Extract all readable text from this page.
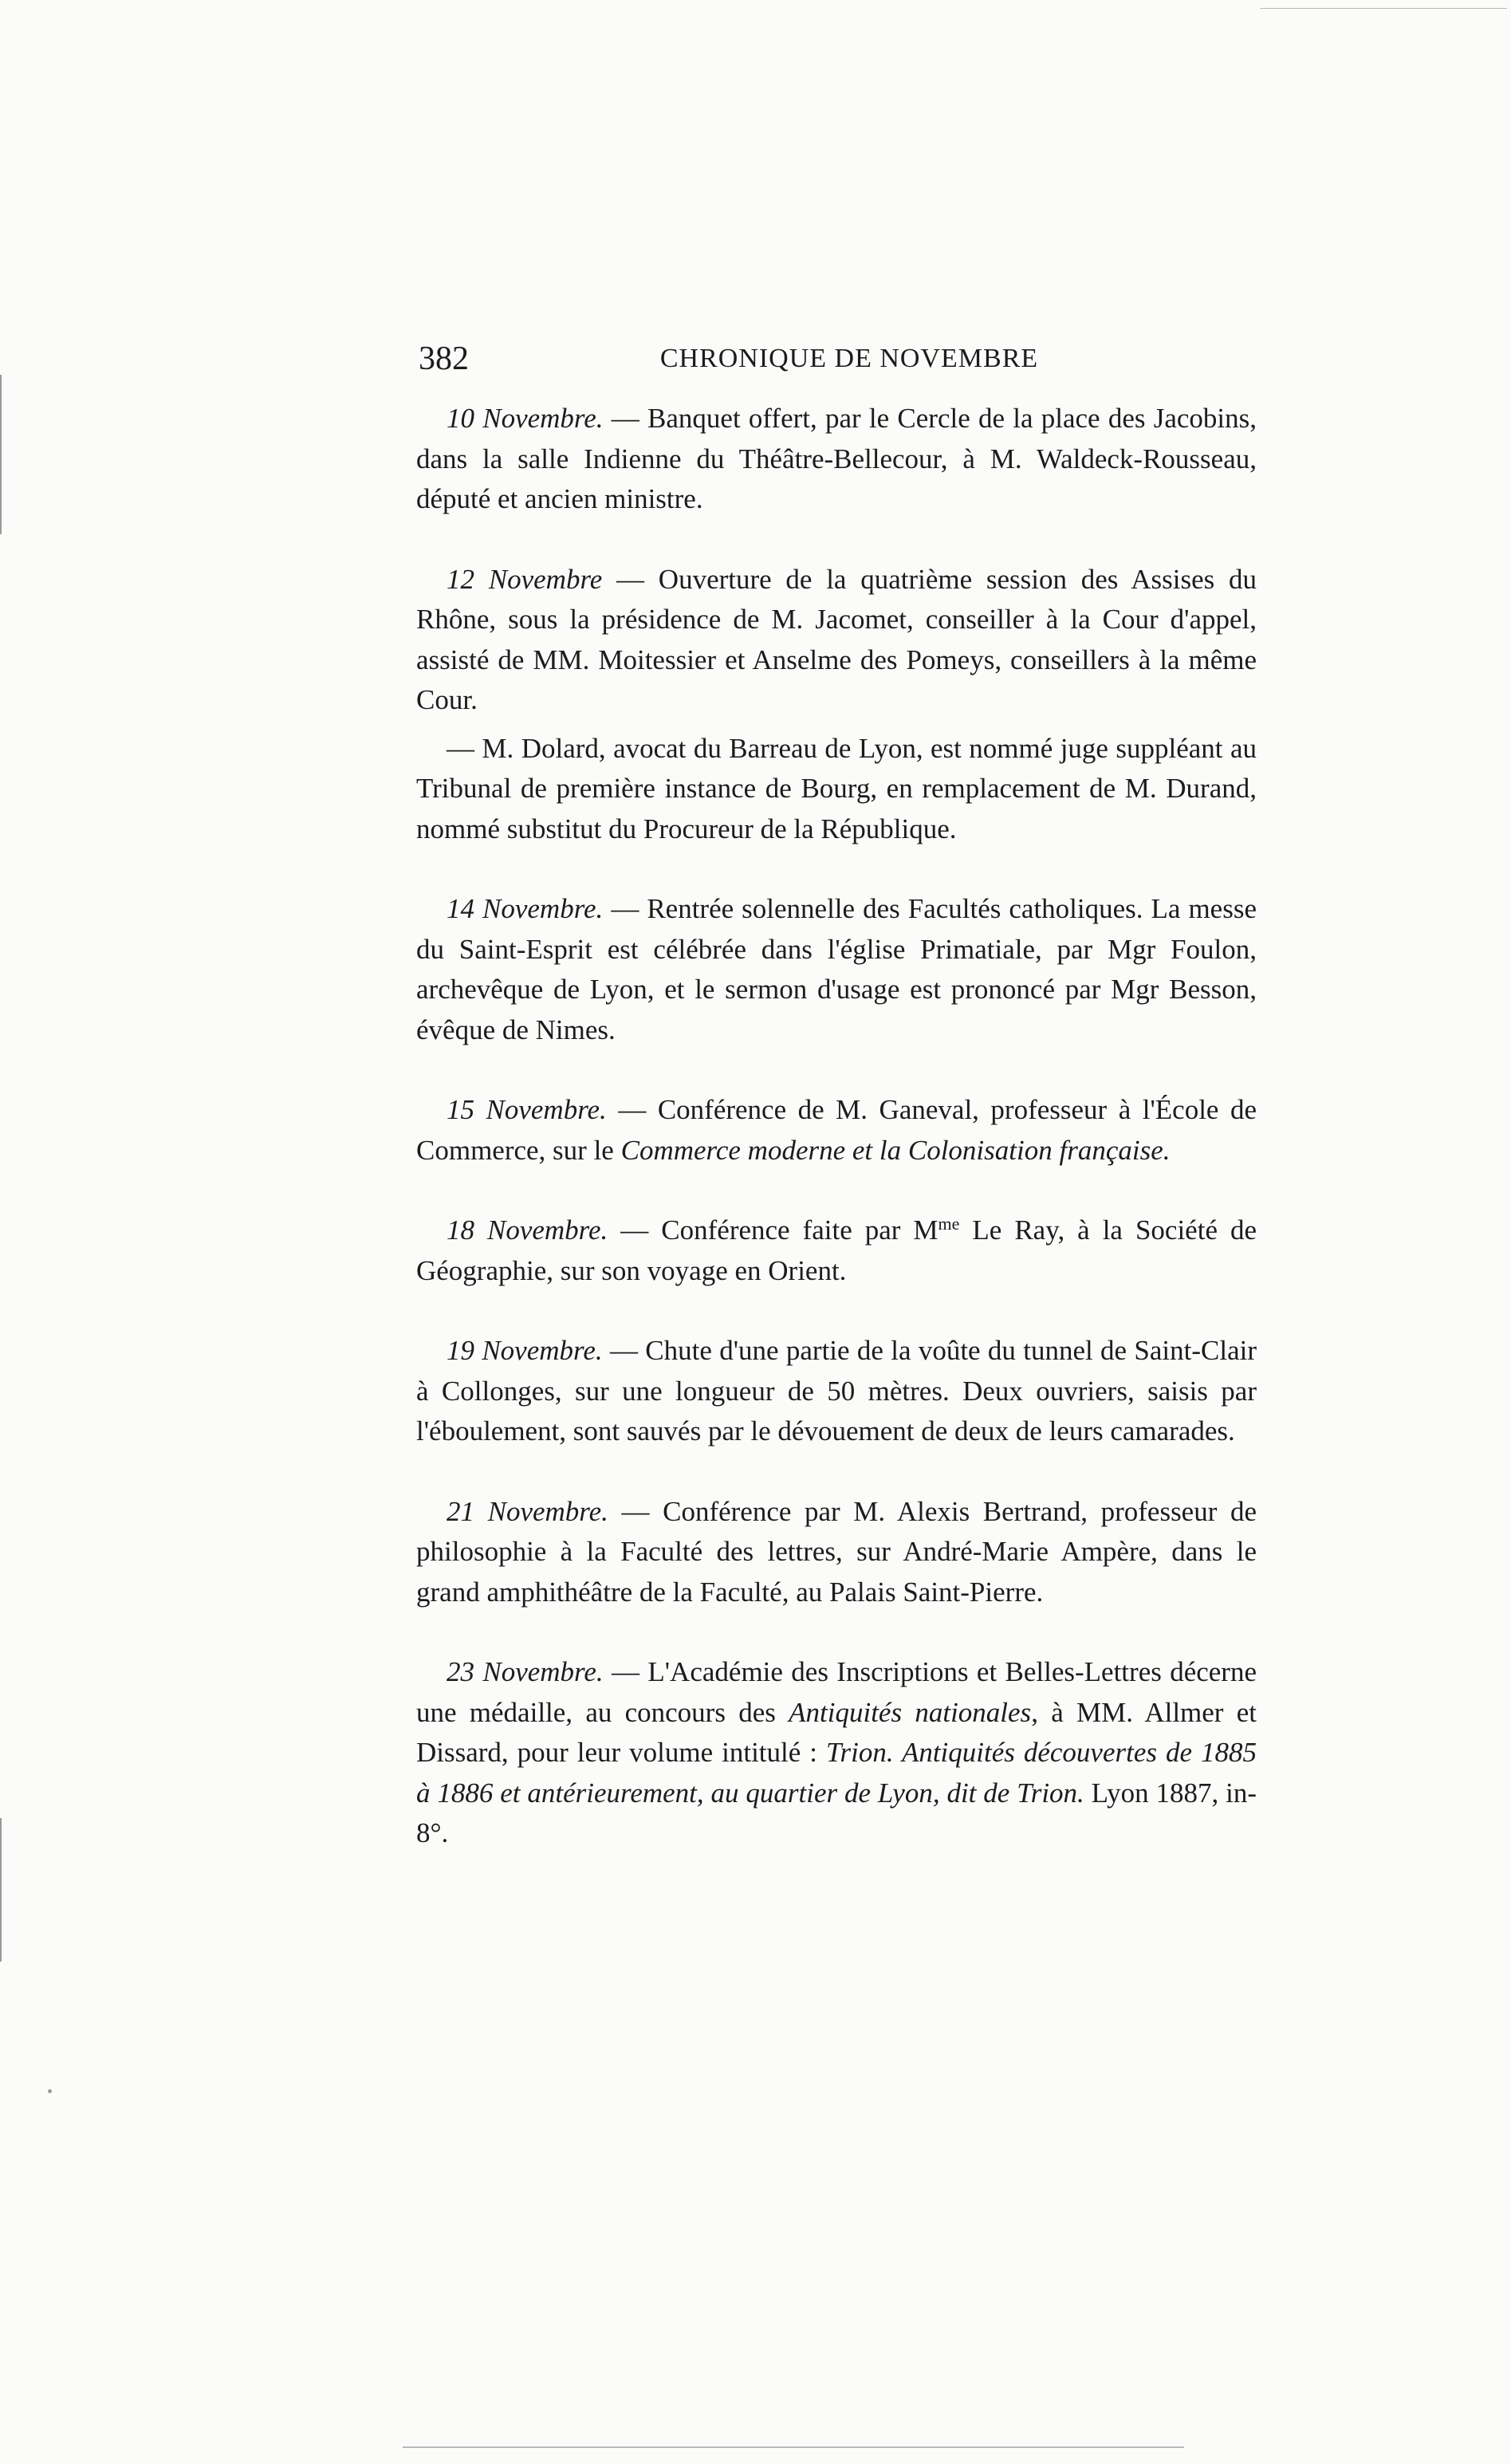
382	CHRONIQUE DE NOVEMBRE

10 Novembre. — Banquet offert, par le Cercle de la place des Jacobins, dans la salle Indienne du Théâtre-Bellecour, à M. Waldeck-Rousseau, député et ancien ministre.

12 Novembre — Ouverture de la quatrième session des Assises du Rhône, sous la présidence de M. Jacomet, conseiller à la Cour d'appel, assisté de MM. Moitessier et Anselme des Pomeys, conseillers à la même Cour.

— M. Dolard, avocat du Barreau de Lyon, est nommé juge suppléant au Tribunal de première instance de Bourg, en remplacement de M. Durand, nommé substitut du Procureur de la République.

14 Novembre. — Rentrée solennelle des Facultés catholiques. La messe du Saint-Esprit est célébrée dans l'église Primatiale, par Mgr Foulon, archevêque de Lyon, et le sermon d'usage est prononcé par Mgr Besson, évêque de Nimes.

15 Novembre. — Conférence de M. Ganeval, professeur à l'École de Commerce, sur le Commerce moderne et la Colonisation française.

18 Novembre. — Conférence faite par $M^{me}$ Le Ray, à la Société de Géographie, sur son voyage en Orient.

19 Novembre. — Chute d'une partie de la voûte du tunnel de Saint-Clair à Collonges, sur une longueur de 50 mètres. Deux ouvriers, saisis par l'éboulement, sont sauvés par le dévouement de deux de leurs camarades.

21 Novembre. — Conférence par M. Alexis Bertrand, professeur de philosophie à la Faculté des lettres, sur André-Marie Ampère, dans le grand amphithéâtre de la Faculté, au Palais Saint-Pierre.

23 Novembre. — L'Académie des Inscriptions et Belles-Lettres décerne une médaille, au concours des Antiquités nationales, à MM. Allmer et Dissard, pour leur volume intitulé : Trion. Antiquités découvertes de 1885 à 1886 et antérieurement, au quartier de Lyon, dit de Trion. Lyon 1887, in-8°.
